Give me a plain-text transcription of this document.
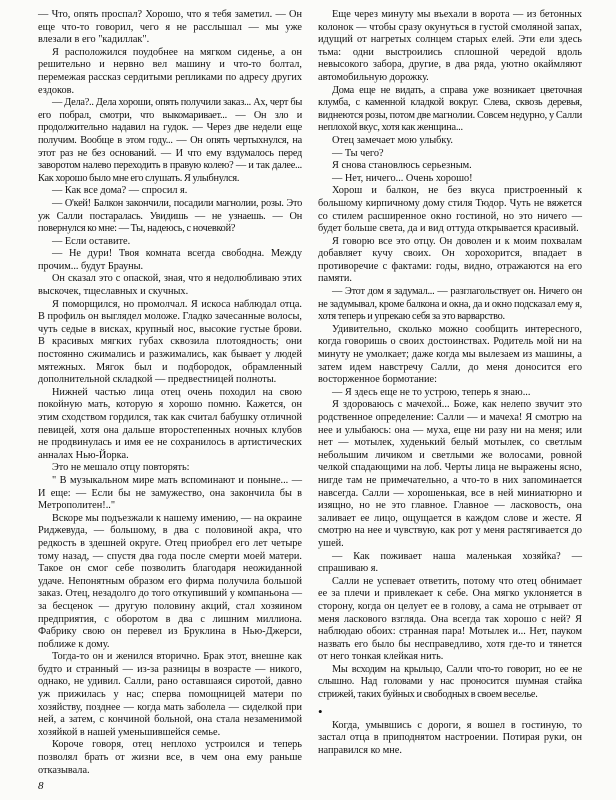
— Что, опять проспал? Хорошо, что я тебя заметил. — Он еще что-то говорил, чего я не расслышал — мы уже влезали в его "кадиллак".

Я расположился поудобнее на мягком сиденье, а он решительно и нервно вел машину и что-то болтал, перемежая рассказ сердитыми репликами по адресу других ездоков.

— Дела?.. Дела хороши, опять получили заказ... Ах, черт бы его побрал, смотри, что выкомаривает... — Он зло и продолжительно надавил на гудок. — Через две недели еще получим. Вообще в этом году... — Он опять чертыхнулся, на этот раз не без оснований. — И что ему вздумалось перед заворотом налево переходить в правую колею? — и так далее... Как хорошо было мне его слушать. Я улыбнулся.

— Как все дома? — спросил я.

— О'кей! Балкон закончили, посадили магнолии, розы. Это уж Салли постаралась. Увидишь — не узнаешь. — Он повернулся ко мне: — Ты, надеюсь, с ночевкой?

— Если оставите.

— Не дури! Твоя комната всегда свободна. Между прочим... будут Брауны.

Он сказал это с опаской, зная, что я недолюбливаю этих выскочек, тщеславных и скучных.

Я поморщился, но промолчал. Я искоса наблюдал отца. В профиль он выглядел моложе. Гладко зачесанные волосы, чуть седые в висках, крупный нос, высокие густые брови. В красивых мягких губах сквозила плотоядность; они постоянно сжимались и разжимались, как бывает у людей мятежных. Мягок был и подбородок, обрамленный дополнительной складкой — предвестницей полноты.

Нижней частью лица отец очень походил на свою покойную мать, которую я хорошо помню. Кажется, он этим сходством гордился, так как считал бабушку отличной певицей, хотя она дальше второстепенных ночных клубов не продвинулась и имя ее не сохранилось в артистических анналах Нью-Йорка.

Это не мешало отцу повторять:

" В музыкальном мире мать вспоминают и поныне... — И еще: — Если бы не замужество, она закончила бы в Метрополитен!.."

Вскоре мы подъезжали к нашему имению, — на окраине Риджевуда, — большому, в два с половиной акра, что редкость в здешней округе. Отец приобрел его лет четыре тому назад, — спустя два года после смерти моей матери. Такое он смог себе позволить благодаря неожиданной удаче. Непонятным образом его фирма получила большой заказ. Отец, незадолго до того откупивший у компаньона — за бесценок — другую половину акций, стал хозяином предприятия, с оборотом в два с лишним миллиона. Фабрику свою он перевел из Бруклина в Нью-Джерси, поближе к дому.

Тогда-то он и женился вторично. Брак этот, внешне как будто и странный — из-за разницы в возрасте — никого, однако, не удивил. Салли, рано оставшаяся сиротой, давно уж прижилась у нас; сперва помощницей матери по хозяйству, позднее — когда мать заболела — сиделкой при ней, а затем, с кончиной больной, она стала незаменимой хозяйкой в нашей уменьшившейся семье.

Короче говоря, отец неплохо устроился и теперь позволял брать от жизни все, в чем она ему раньше отказывала.

Еще через минуту мы въехали в ворота — из бетонных колонок — чтобы сразу окунуться в густой смоляной запах, идущий от нагретых солнцем старых елей. Эти ели здесь тьма: одни выстроились сплошной чередой вдоль невысокого забора, другие, в два ряда, уютно окаймляют автомобильную дорожку.

Дома еще не видать, а справа уже возникает цветочная клумба, с каменной кладкой вокруг. Слева, сквозь деревья, виднеются розы, потом две магнолии. Совсем недурно, у Салли неплохой вкус, хотя как женщина...

Отец замечает мою улыбку.

— Ты чего?

Я снова становлюсь серьезным.

— Нет, ничего... Очень хорошо!

Хорош и балкон, не без вкуса пристроенный к большому кирпичному дому стиля Тюдор. Чуть не вяжется со стилем расширенное окно гостиной, но это ничего — будет больше света, да и вид оттуда открывается красивый.

Я говорю все это отцу. Он доволен и к моим похвалам добавляет кучу своих. Он хорохорится, впадает в противоречие с фактами: годы, видно, отражаются на его памяти.

— Этот дом я задумал... — разглагольствует он. Ничего он не задумывал, кроме балкона и окна, да и окно подсказал ему я, хотя теперь и упрекаю себя за это варварство.

Удивительно, сколько можно сообщить интересного, когда говоришь о своих достоинствах. Родитель мой ни на минуту не умолкает; даже когда мы вылезаем из машины, а затем идем навстречу Салли, до меня доносится его восторженное бормотание:

— Я здесь еще не то устрою, теперь я знаю...

Я здороваюсь с мачехой... Боже, как нелепо звучит это родственное определение: Салли — и мачеха! Я смотрю на нее и улыбаюсь: она — муха, еще ни разу ни на меня; или нет — мотылек, худенький белый мотылек, со светлым небольшим личиком и светлыми же волосами, ровной челкой спадающими на лоб. Черты лица не выражены ясно, нигде там не примечательно, а что-то в них запоминается навсегда. Салли — хорошенькая, все в ней миниатюрно и изящно, но не это главное. Главное — ласковость, она заливает ее лицо, ощущается в каждом слове и жесте. Я смотрю на нее и чувствую, как рот у меня растягивается до ушей.

— Как поживает наша маленькая хозяйка? — спрашиваю я.

Салли не успевает ответить, потому что отец обнимает ее за плечи и привлекает к себе. Она мягко уклоняется в сторону, когда он целует ее в голову, а сама не отрывает от меня ласкового взгляда. Она всегда так хорошо с ней? Я наблюдаю обоих: странная пара! Мотылек и... Нет, пауком назвать его было бы несправедливо, хотя где-то и тянется от него тонкая клейкая нить.

Мы всходим на крыльцо, Салли что-то говорит, но ее не слышно. Над головами у нас проносится шумная стайка стрижей, таких буйных и свободных в своем веселье.

•

Когда, умывшись с дороги, я вошел в гостиную, то застал отца в приподнятом настроении. Потирая руки, он направился ко мне.

8
